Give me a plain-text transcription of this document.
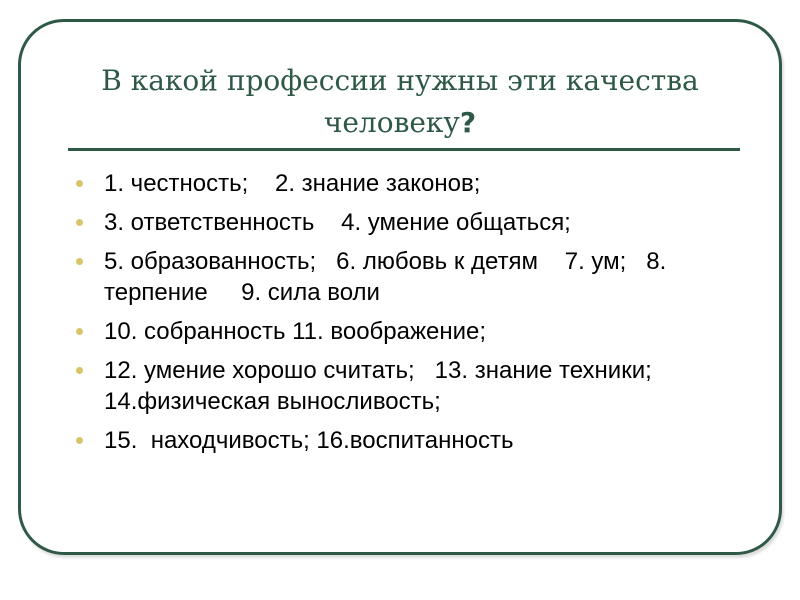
В какой профессии нужны эти качества человеку?
1. честность;    2. знание законов;
3. ответственность    4. умение общаться;
5. образованность;   6. любовь к детям    7. ум;   8. терпение     9. сила воли
10. собранность 11. воображение;
12. умение хорошо считать;   13. знание техники;  14.физическая выносливость;
15.  находчивость; 16.воспитанность
